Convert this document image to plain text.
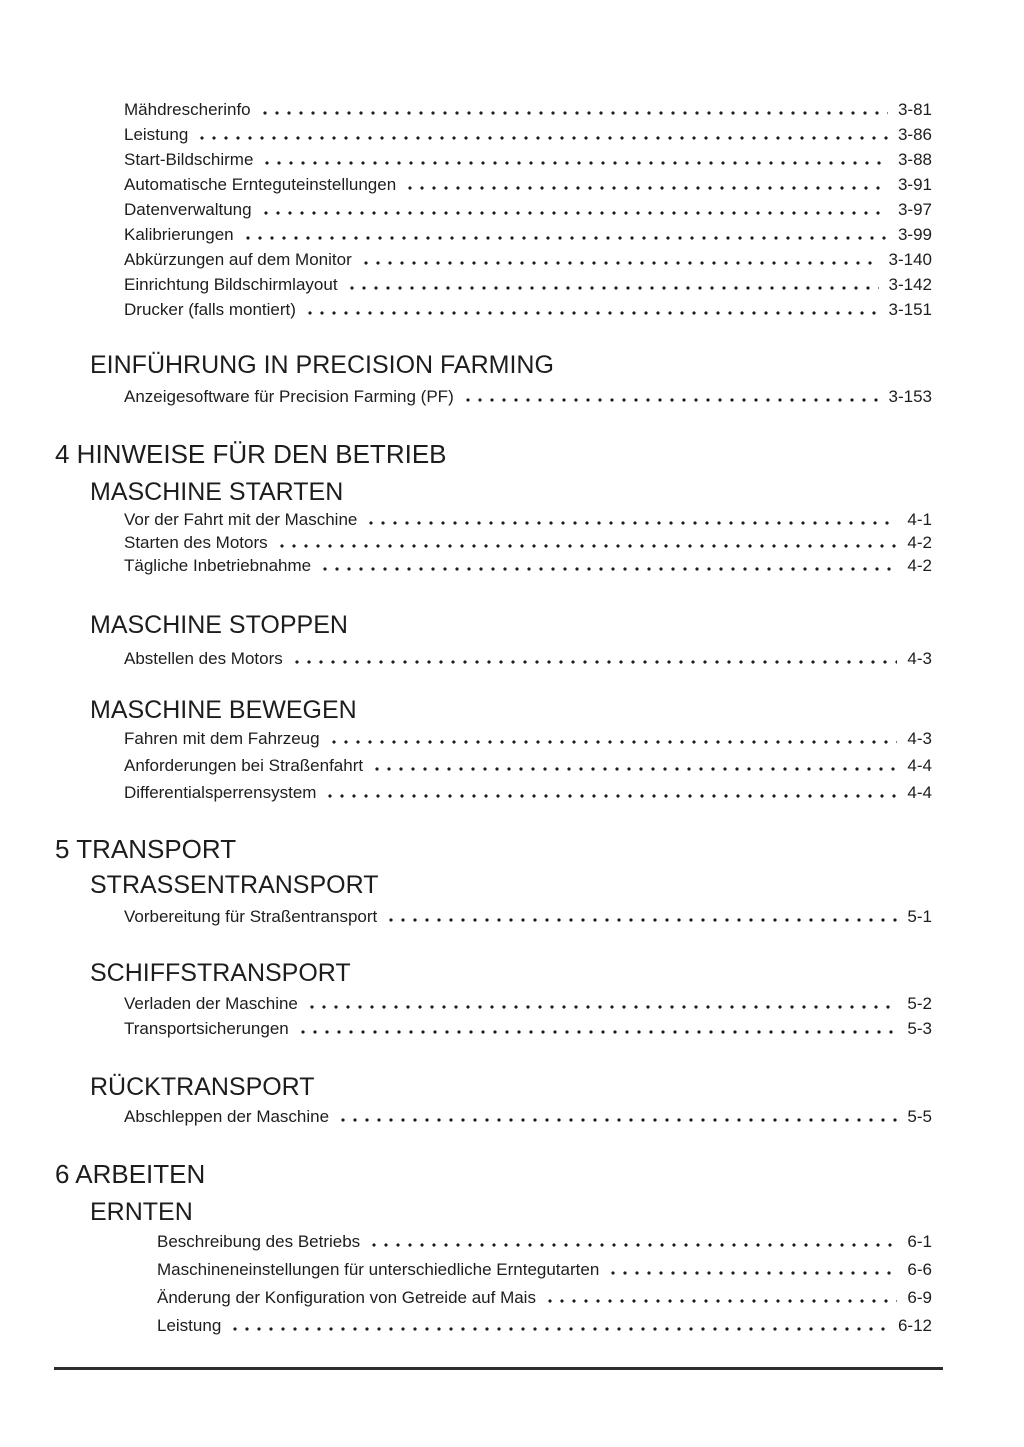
Mähdrescherinfo	3-81
Leistung	3-86
Start-Bildschirme	3-88
Automatische Ernteguteinstellungen	3-91
Datenverwaltung	3-97
Kalibrierungen	3-99
Abkürzungen auf dem Monitor	3-140
Einrichtung Bildschirmlayout	3-142
Drucker (falls montiert)	3-151
EINFÜHRUNG IN PRECISION FARMING
Anzeigesoftware für Precision Farming (PF)	3-153
4 HINWEISE FÜR DEN BETRIEB
MASCHINE STARTEN
Vor der Fahrt mit der Maschine	4-1
Starten des Motors	4-2
Tägliche Inbetriebnahme	4-2
MASCHINE STOPPEN
Abstellen des Motors	4-3
MASCHINE BEWEGEN
Fahren mit dem Fahrzeug	4-3
Anforderungen bei Straßenfahrt	4-4
Differentialsperrensystem	4-4
5 TRANSPORT
STRASSENTRANSPORT
Vorbereitung für Straßentransport	5-1
SCHIFFSTRANSPORT
Verladen der Maschine	5-2
Transportsicherungen	5-3
RÜCKTRANSPORT
Abschleppen der Maschine	5-5
6 ARBEITEN
ERNTEN
Beschreibung des Betriebs	6-1
Maschineneinstellungen für unterschiedliche Erntegutarten	6-6
Änderung der Konfiguration von Getreide auf Mais	6-9
Leistung	6-12
